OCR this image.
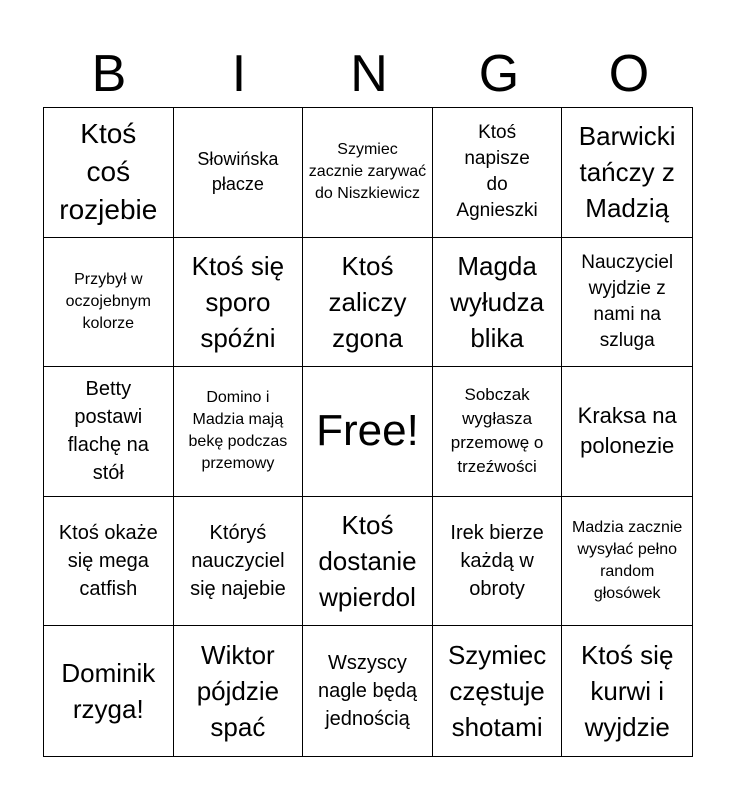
B	I	N	G	O
Ktoś coś rozjebie
Słowińska płacze
Szymiec zacznie zarywać do Niszkiewicz
Ktoś napisze do Agnieszki
Barwicki tańczy z Madzią
Przybył w oczojebnym kolorze
Ktoś się sporo spóźni
Ktoś zaliczy zgona
Magda wyłudza blika
Nauczyciel wyjdzie z nami na szluga
Betty postawi flachę na stół
Domino i Madzia mają bekę podczas przemowy
Free!
Sobczak wygłasza przemowę o trzeźwości
Kraksa na polonezie
Ktoś okaże się mega catfish
Któryś nauczyciel się najebie
Ktoś dostanie wpierdol
Irek bierze każdą w obroty
Madzia zacznie wysyłać pełno random głosówek
Dominik rzyga!
Wiktor pójdzie spać
Wszyscy nagle będą jednością
Szymiec częstuje shotami
Ktoś się kurwi i wyjdzie
